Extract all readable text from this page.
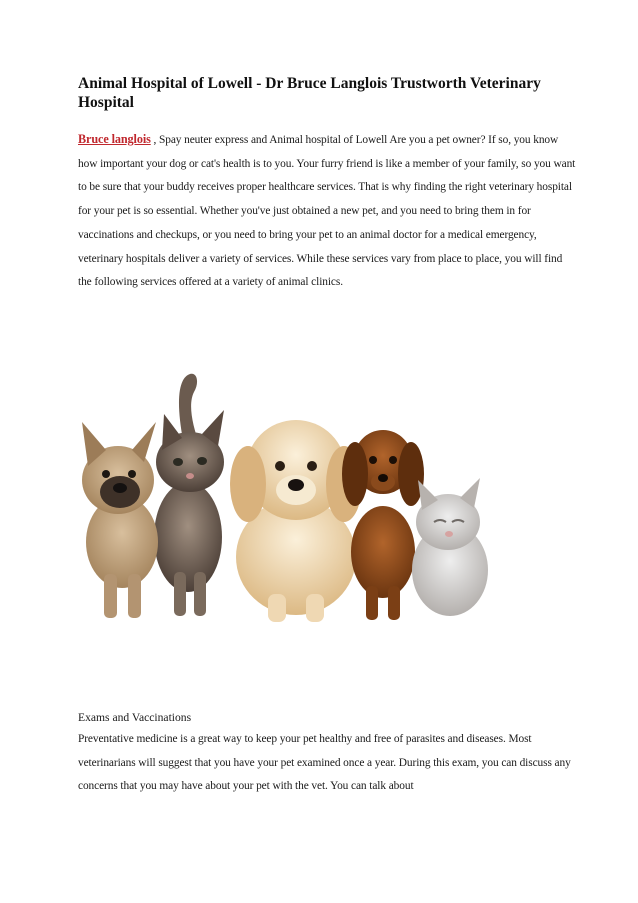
Animal Hospital of Lowell - Dr Bruce Langlois Trustworth Veterinary Hospital

Bruce langlois , Spay neuter express and Animal hospital of Lowell Are you a pet owner? If so, you know how important your dog or cat's health is to you. Your furry friend is like a member of your family, so you want to be sure that your buddy receives proper healthcare services. That is why finding the right veterinary hospital for your pet is so essential. Whether you've just obtained a new pet, and you need to bring them in for vaccinations and checkups, or you need to bring your pet to an animal doctor for a medical emergency, veterinary hospitals deliver a variety of services. While these services vary from place to place, you will find the following services offered at a variety of animal clinics.

Exams and Vaccinations

Preventative medicine is a great way to keep your pet healthy and free of parasites and diseases. Most veterinarians will suggest that you have your pet examined once a year. During this exam, you can discuss any concerns that you may have about your pet with the vet. You can talk about
